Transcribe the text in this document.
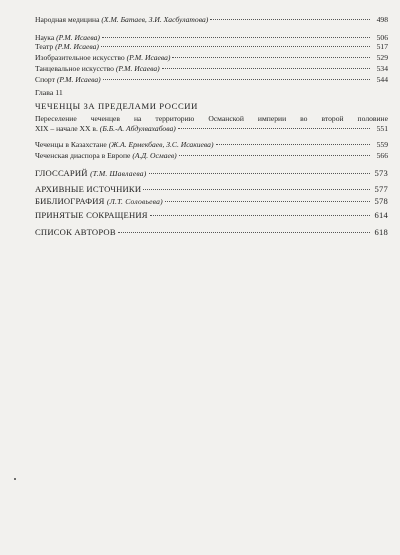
Народная медицина (Х.М. Батаев, З.И. Хасбулатова)	498
Наука (Р.М. Исаева)	506
Театр (Р.М. Исаева)	517
Изобразительное искусство (Р.М. Исаева)	529
Танцевальное искусство (Р.М. Исаева)	534
Спорт (Р.М. Исаева)	544
Глава 11
ЧЕЧЕНЦЫ ЗА ПРЕДЕЛАМИ РОССИИ
Переселение чеченцев на территорию Османской империи во второй половине
XIX – начале XX в. (Б.Б.-А. Абдулвахабова)	551
Чеченцы в Казахстане (Ж.А. Ермекбаев, З.С. Исакиева)	559
Чеченская диаспора в Европе (А.Д. Осмаев)	566
ГЛОССАРИЙ (Т.М. Шавлаева)	573
АРХИВНЫЕ ИСТОЧНИКИ	577
БИБЛИОГРАФИЯ (Л.Т. Соловьева)	578
ПРИНЯТЫЕ СОКРАЩЕНИЯ	614
СПИСОК АВТОРОВ	618
